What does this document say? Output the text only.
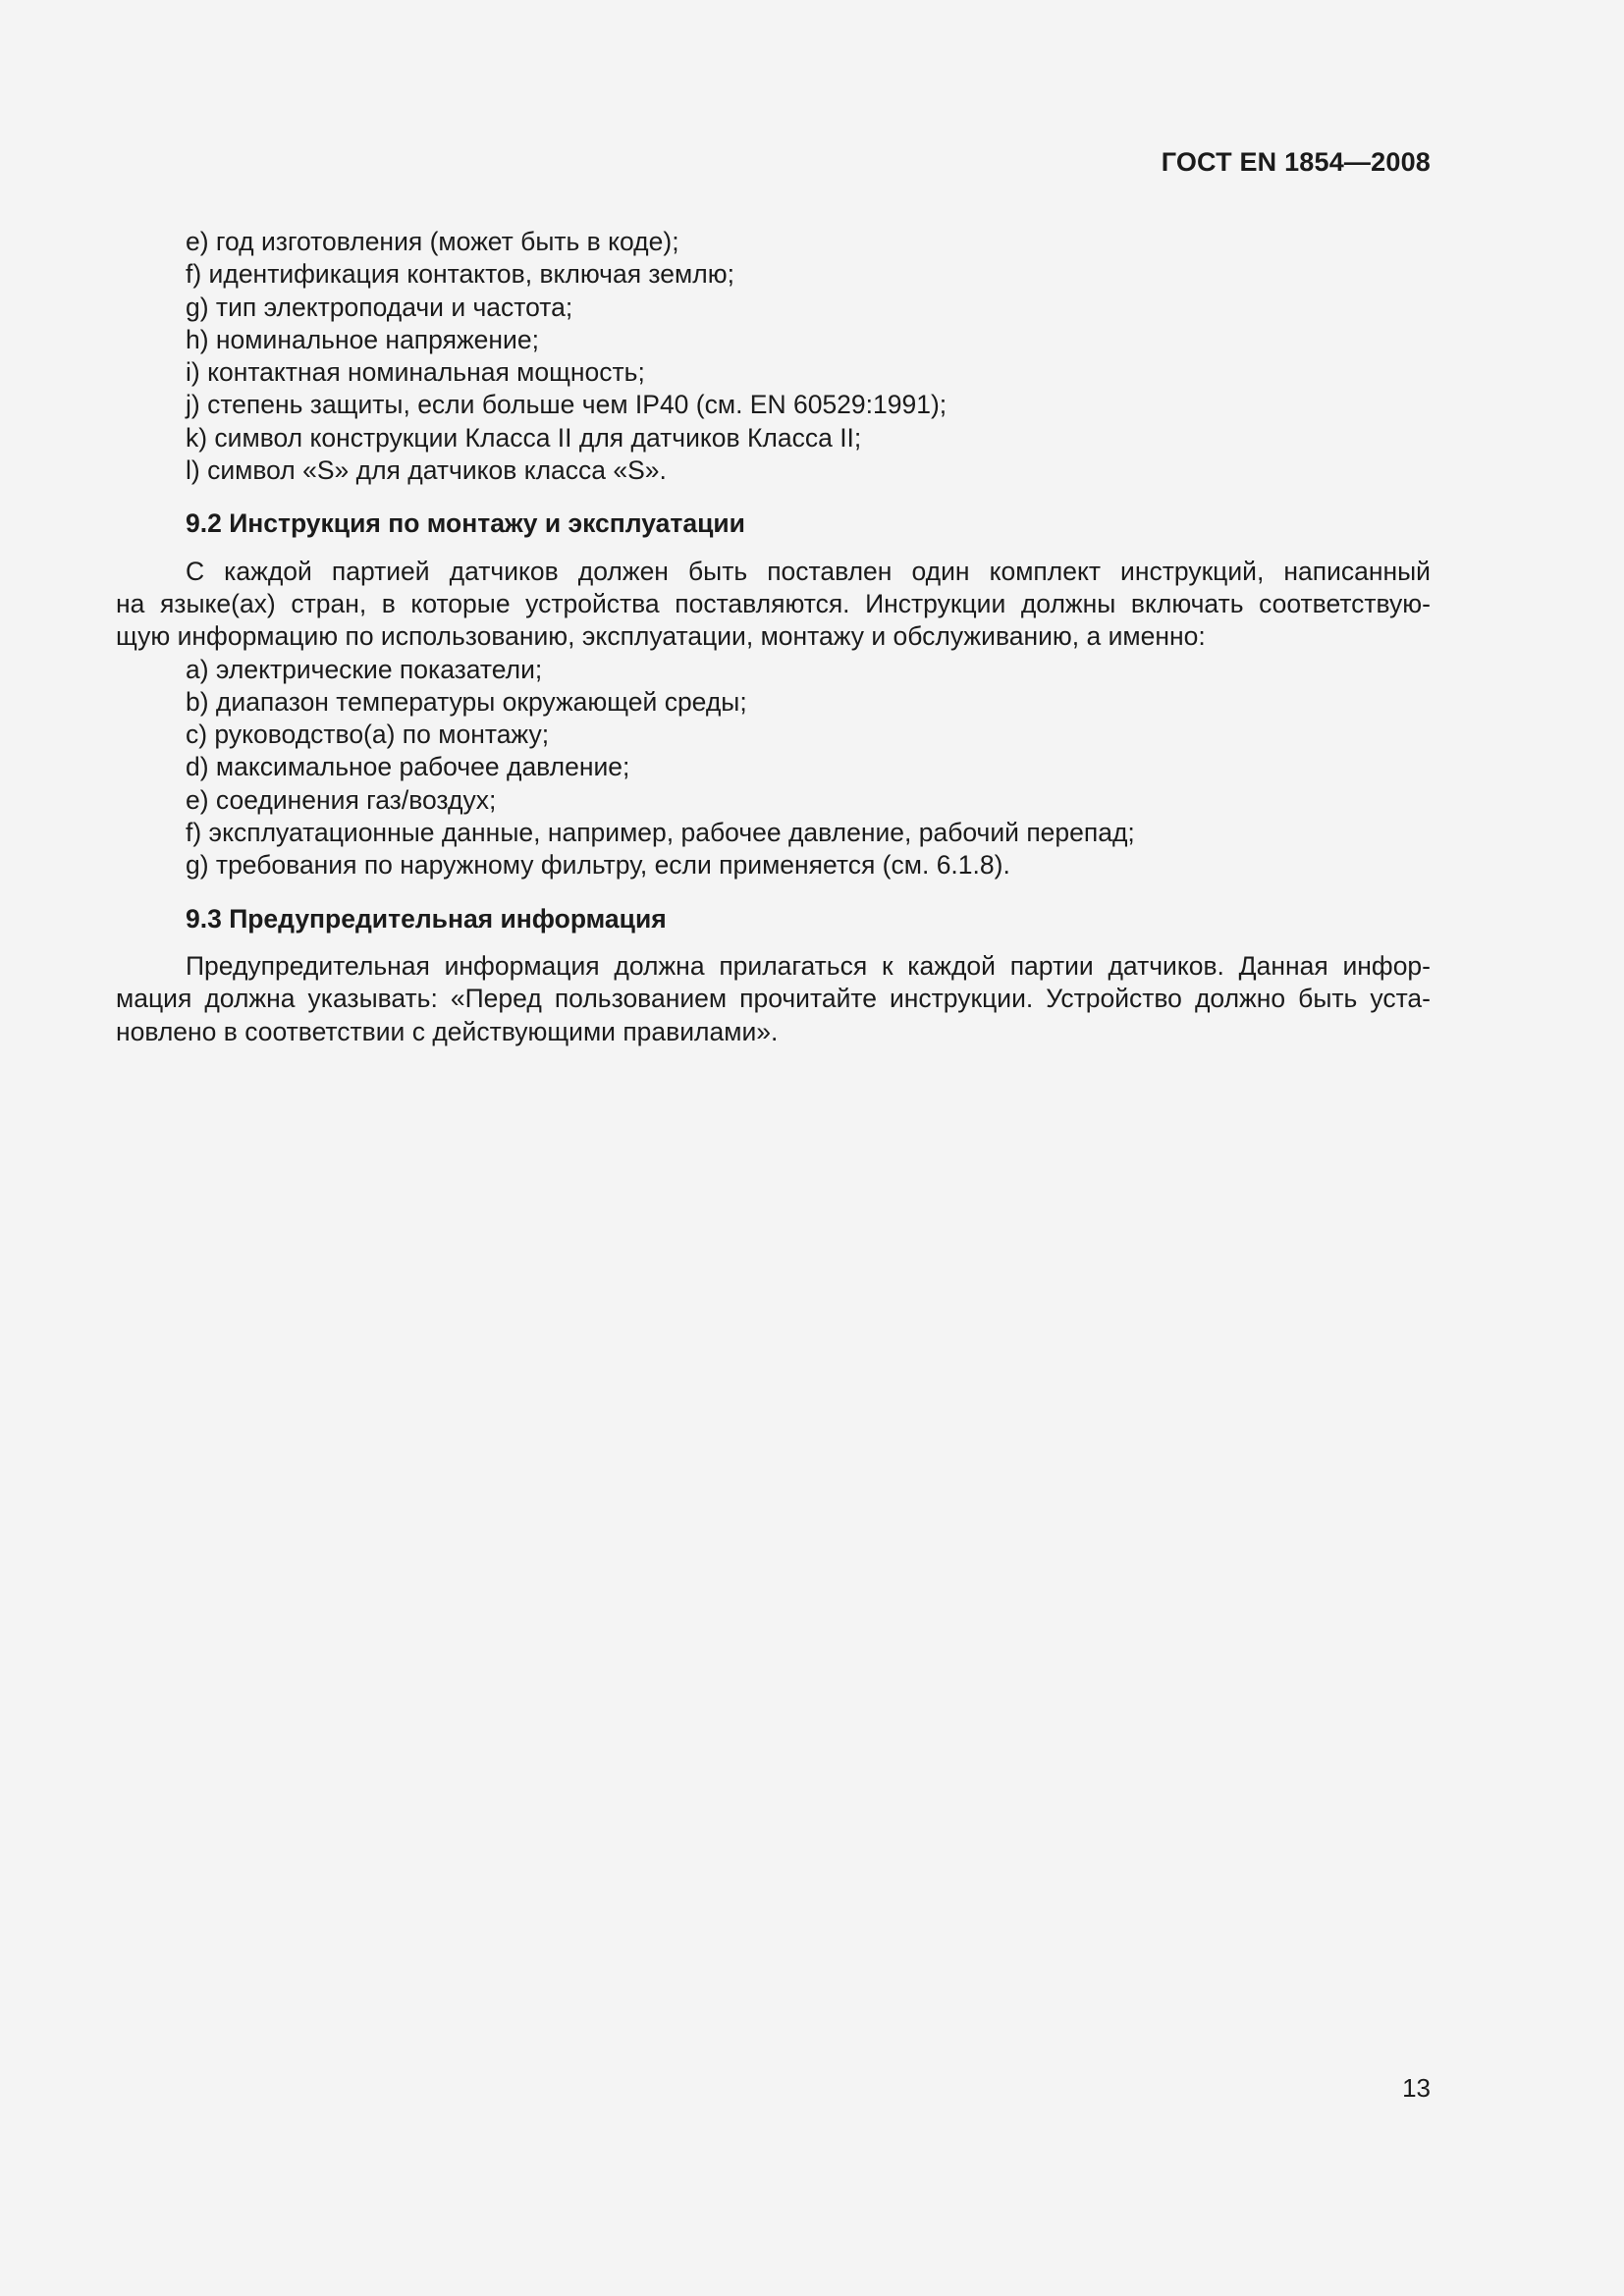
ГОСТ EN 1854—2008

е) год изготовления (может быть в коде);

f) идентификация контактов, включая землю;

g) тип электроподачи и частота;

h) номинальное напряжение;

i) контактная номинальная мощность;

j) степень защиты, если больше чем IP40 (см. EN 60529:1991);

k) символ конструкции Класса II для датчиков Класса II;

l) символ «S» для датчиков класса «S».

9.2 Инструкция по монтажу и эксплуатации

С каждой партией датчиков должен быть поставлен один комплект инструкций, написанный
на языке(ах) стран, в которые устройства поставляются. Инструкции должны включать соответствую-
щую информацию по использованию, эксплуатации, монтажу и обслуживанию, а именно:

а) электрические показатели;

b) диапазон температуры окружающей среды;

с) руководство(а) по монтажу;

d) максимальное рабочее давление;

е) соединения газ/воздух;

f) эксплуатационные данные, например, рабочее давление, рабочий перепад;

g) требования по наружному фильтру, если применяется (см. 6.1.8).

9.3 Предупредительная информация

Предупредительная информация должна прилагаться к каждой партии датчиков. Данная инфор-
мация должна указывать: «Перед пользованием прочитайте инструкции. Устройство должно быть уста-
новлено в соответствии с действующими правилами».
13
